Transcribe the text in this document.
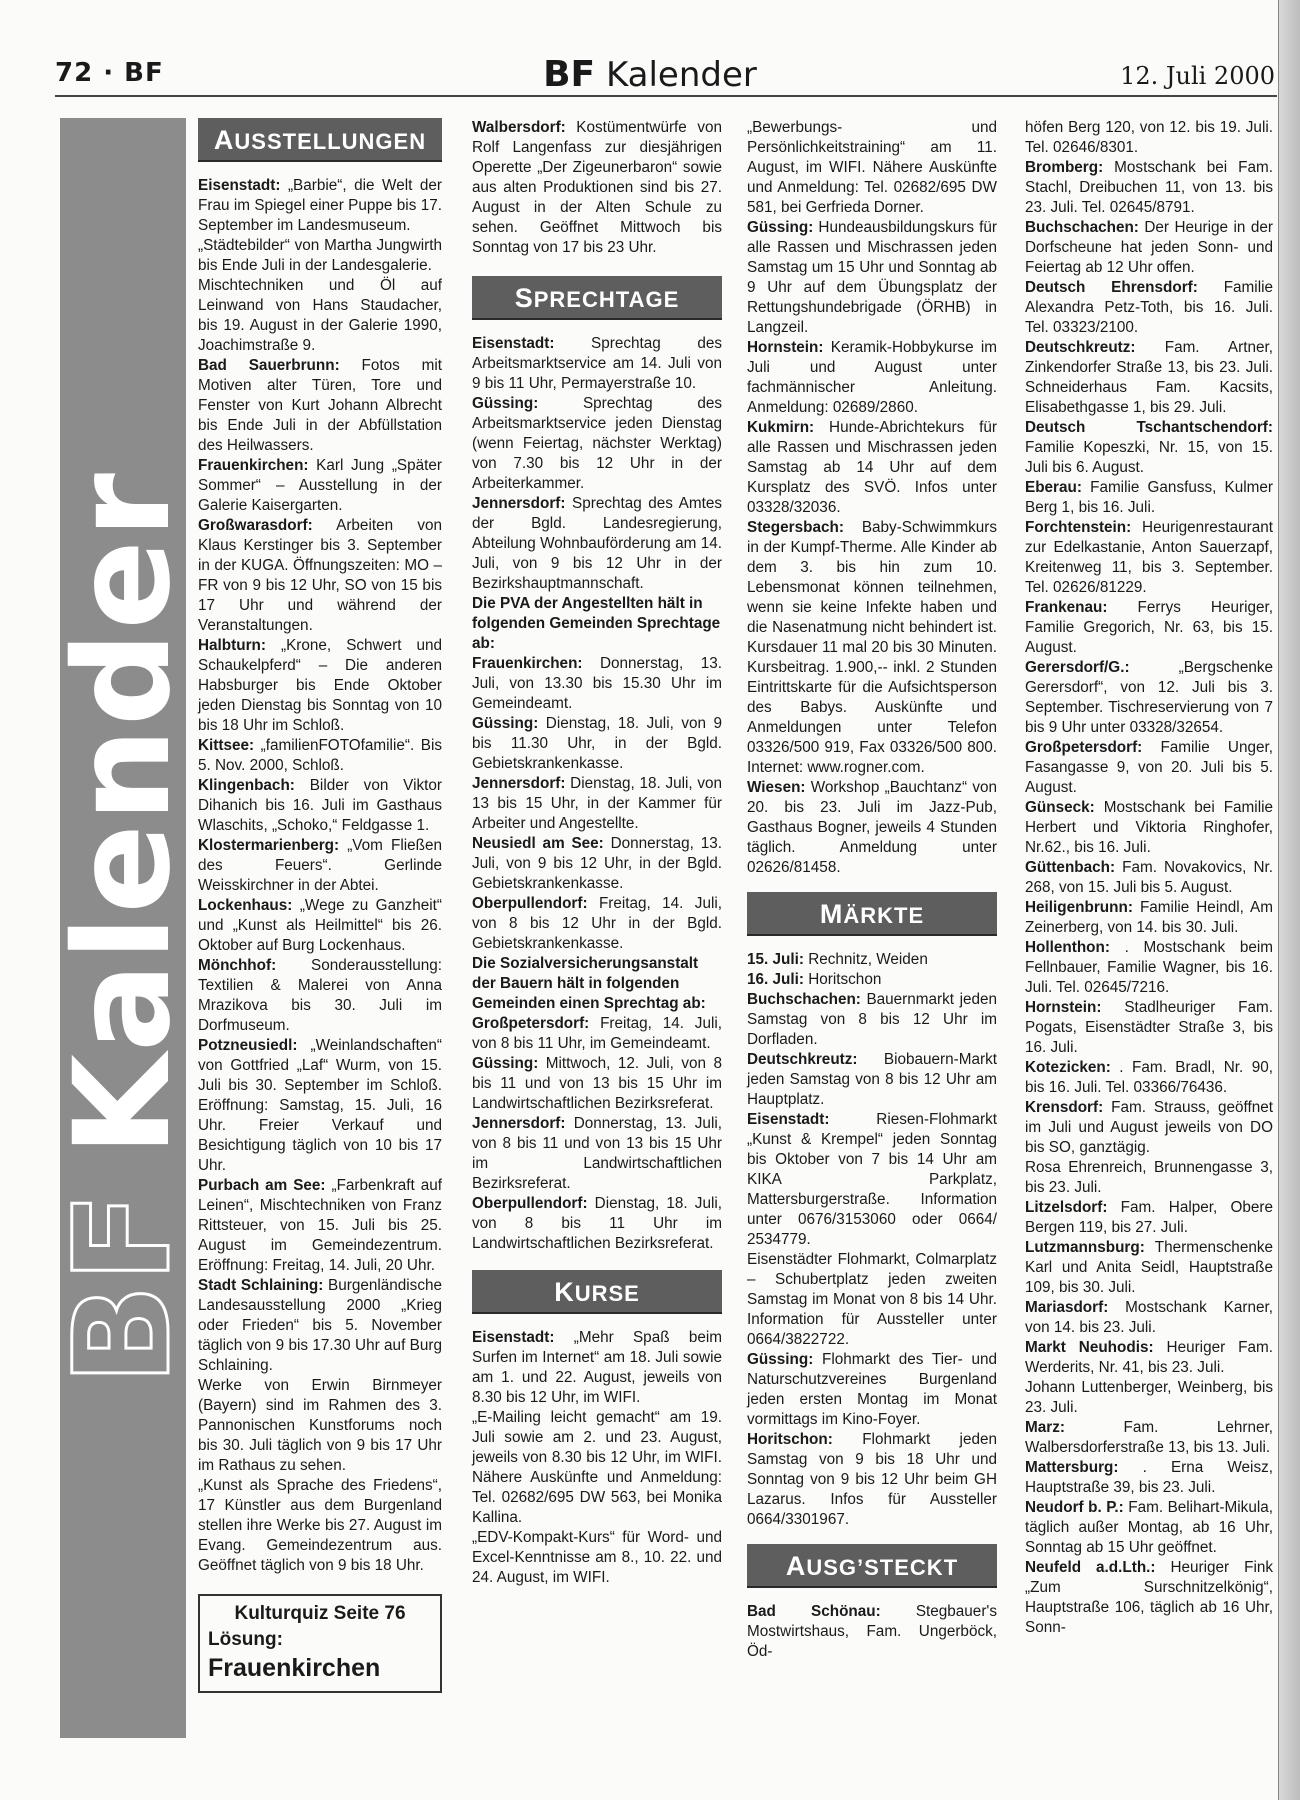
72 · BF	BF Kalender	12. Juli 2000
BFKalender
AUSSTELLUNGEN

Eisenstadt: „Barbie“, die Welt der Frau im Spiegel einer Puppe bis 17. September im Landesmuseum.

„Städtebilder“ von Martha Jungwirth bis Ende Juli in der Landesgalerie.

Mischtechniken und Öl auf Leinwand von Hans Staudacher, bis 19. August in der Galerie 1990, Joachimstraße 9.

Bad Sauerbrunn: Fotos mit Motiven alter Türen, Tore und Fenster von Kurt Johann Albrecht bis Ende Juli in der Abfüllstation des Heilwassers.

Frauenkirchen: Karl Jung „Später Sommer“ – Ausstellung in der Galerie Kaisergarten.

Großwarasdorf: Arbeiten von Klaus Kerstinger bis 3. September in der KUGA. Öffnungszeiten: MO – FR von 9 bis 12 Uhr, SO von 15 bis 17 Uhr und während der Veranstaltungen.

Halbturn: „Krone, Schwert und Schaukelpferd“ – Die anderen Habsburger bis Ende Oktober jeden Dienstag bis Sonntag von 10 bis 18 Uhr im Schloß.

Kittsee: „familienFOTOfamilie“. Bis 5. Nov. 2000, Schloß.

Klingenbach: Bilder von Viktor Dihanich bis 16. Juli im Gasthaus Wlaschits, „Schoko,“ Feldgasse 1.

Klostermarienberg: „Vom Fließen des Feuers“. Gerlinde Weisskirchner in der Abtei.

Lockenhaus: „Wege zu Ganzheit“ und „Kunst als Heilmittel“ bis 26. Oktober auf Burg Lockenhaus.

Mönchhof: Sonderausstellung: Textilien & Malerei von Anna Mrazikova bis 30. Juli im Dorfmuseum.

Potzneusiedl: „Weinlandschaften“ von Gottfried „Laf“ Wurm, von 15. Juli bis 30. September im Schloß. Eröffnung: Samstag, 15. Juli, 16 Uhr. Freier Verkauf und Besichtigung täglich von 10 bis 17 Uhr.

Purbach am See: „Farbenkraft auf Leinen“, Mischtechniken von Franz Rittsteuer, von 15. Juli bis 25. August im Gemeindezentrum. Eröffnung: Freitag, 14. Juli, 20 Uhr.

Stadt Schlaining: Burgenländische Landesausstellung 2000 „Krieg oder Frieden“ bis 5. November täglich von 9 bis 17.30 Uhr auf Burg Schlaining.

Werke von Erwin Birnmeyer (Bayern) sind im Rahmen des 3. Pannonischen Kunstforums noch bis 30. Juli täglich von 9 bis 17 Uhr im Rathaus zu sehen.

„Kunst als Sprache des Friedens“, 17 Künstler aus dem Burgenland stellen ihre Werke bis 27. August im Evang. Gemeindezentrum aus. Geöffnet täglich von 9 bis 18 Uhr.

Kulturquiz Seite 76
Lösung: Frauenkirchen

Walbersdorf: Kostümentwürfe von Rolf Langenfass zur diesjährigen Operette „Der Zigeunerbaron“ sowie aus alten Produktionen sind bis 27. August in der Alten Schule zu sehen. Geöffnet Mittwoch bis Sonntag von 17 bis 23 Uhr.

SPRECHTAGE

Eisenstadt: Sprechtag des Arbeitsmarktservice am 14. Juli von 9 bis 11 Uhr, Permayerstraße 10.

Güssing: Sprechtag des Arbeitsmarktservice jeden Dienstag (wenn Feiertag, nächster Werktag) von 7.30 bis 12 Uhr in der Arbeiterkammer.

Jennersdorf: Sprechtag des Amtes der Bgld. Landesregierung, Abteilung Wohnbauförderung am 14. Juli, von 9 bis 12 Uhr in der Bezirkshauptmannschaft.

Die PVA der Angestellten hält in folgenden Gemeinden Sprechtage ab:

Frauenkirchen: Donnerstag, 13. Juli, von 13.30 bis 15.30 Uhr im Gemeindeamt.

Güssing: Dienstag, 18. Juli, von 9 bis 11.30 Uhr, in der Bgld. Gebietskrankenkasse.

Jennersdorf: Dienstag, 18. Juli, von 13 bis 15 Uhr, in der Kammer für Arbeiter und Angestellte.

Neusiedl am See: Donnerstag, 13. Juli, von 9 bis 12 Uhr, in der Bgld. Gebietskrankenkasse.

Oberpullendorf: Freitag, 14. Juli, von 8 bis 12 Uhr in der Bgld. Gebietskrankenkasse.

Die Sozialversicherungsanstalt der Bauern hält in folgenden Gemeinden einen Sprechtag ab:

Großpetersdorf: Freitag, 14. Juli, von 8 bis 11 Uhr, im Gemeindeamt.

Güssing: Mittwoch, 12. Juli, von 8 bis 11 und von 13 bis 15 Uhr im Landwirtschaftlichen Bezirksreferat.

Jennersdorf: Donnerstag, 13. Juli, von 8 bis 11 und von 13 bis 15 Uhr im Landwirtschaftlichen Bezirksreferat.

Oberpullendorf: Dienstag, 18. Juli, von 8 bis 11 Uhr im Landwirtschaftlichen Bezirksreferat.

KURSE

Eisenstadt: „Mehr Spaß beim Surfen im Internet“ am 18. Juli sowie am 1. und 22. August, jeweils von 8.30 bis 12 Uhr, im WIFI.

„E-Mailing leicht gemacht“ am 19. Juli sowie am 2. und 23. August, jeweils von 8.30 bis 12 Uhr, im WIFI. Nähere Auskünfte und Anmeldung: Tel. 02682/695 DW 563, bei Monika Kallina.

„EDV-Kompakt-Kurs“ für Word- und Excel-Kenntnisse am 8., 10. 22. und 24. August, im WIFI.

„Bewerbungs- und Persönlichkeitstraining“ am 11. August, im WIFI. Nähere Auskünfte und Anmeldung: Tel. 02682/695 DW 581, bei Gerfrieda Dorner.

Güssing: Hundeausbildungskurs für alle Rassen und Mischrassen jeden Samstag um 15 Uhr und Sonntag ab 9 Uhr auf dem Übungsplatz der Rettungshundebrigade (ÖRHB) in Langzeil.

Hornstein: Keramik-Hobbykurse im Juli und August unter fachmännischer Anleitung. Anmeldung: 02689/2860.

Kukmirn: Hunde-Abrichtekurs für alle Rassen und Mischrassen jeden Samstag ab 14 Uhr auf dem Kursplatz des SVÖ. Infos unter 03328/32036.

Stegersbach: Baby-Schwimmkurs in der Kumpf-Therme. Alle Kinder ab dem 3. bis hin zum 10. Lebensmonat können teilnehmen, wenn sie keine Infekte haben und die Nasenatmung nicht behindert ist. Kursdauer 11 mal 20 bis 30 Minuten. Kursbeitrag. 1.900,-- inkl. 2 Stunden Eintrittskarte für die Aufsichtsperson des Babys. Auskünfte und Anmeldungen unter Telefon 03326/500 919, Fax 03326/500 800. Internet: www.rogner.com.

Wiesen: Workshop „Bauchtanz“ von 20. bis 23. Juli im Jazz-Pub, Gasthaus Bogner, jeweils 4 Stunden täglich. Anmeldung unter 02626/81458.

MÄRKTE

15. Juli: Rechnitz, Weiden

16. Juli: Horitschon

Buchschachen: Bauernmarkt jeden Samstag von 8 bis 12 Uhr im Dorfladen.

Deutschkreutz: Biobauern-Markt jeden Samstag von 8 bis 12 Uhr am Hauptplatz.

Eisenstadt: Riesen-Flohmarkt „Kunst & Krempel“ jeden Sonntag bis Oktober von 7 bis 14 Uhr am KIKA Parkplatz, Mattersburgerstraße. Information unter 0676/3153060 oder 0664/ 2534779.

Eisenstädter Flohmarkt, Colmarplatz – Schubertplatz jeden zweiten Samstag im Monat von 8 bis 14 Uhr. Information für Aussteller unter 0664/3822722.

Güssing: Flohmarkt des Tier- und Naturschutzvereines Burgenland jeden ersten Montag im Monat vormittags im Kino-Foyer.

Horitschon: Flohmarkt jeden Samstag von 9 bis 18 Uhr und Sonntag von 9 bis 12 Uhr beim GH Lazarus. Infos für Aussteller 0664/3301967.

AUSG’STECKT

Bad Schönau: Stegbauer's Mostwirtshaus, Fam. Ungerböck, Öd-

höfen Berg 120, von 12. bis 19. Juli. Tel. 02646/8301.

Bromberg: Mostschank bei Fam. Stachl, Dreibuchen 11, von 13. bis 23. Juli. Tel. 02645/8791.

Buchschachen: Der Heurige in der Dorfscheune hat jeden Sonn- und Feiertag ab 12 Uhr offen.

Deutsch Ehrensdorf: Familie Alexandra Petz-Toth, bis 16. Juli. Tel. 03323/2100.

Deutschkreutz: Fam. Artner, Zinkendorfer Straße 13, bis 23. Juli. Schneiderhaus Fam. Kacsits, Elisabethgasse 1, bis 29. Juli.

Deutsch Tschantschendorf: Familie Kopeszki, Nr. 15, von 15. Juli bis 6. August.

Eberau: Familie Gansfuss, Kulmer Berg 1, bis 16. Juli.

Forchtenstein: Heurigenrestaurant zur Edelkastanie, Anton Sauerzapf, Kreitenweg 11, bis 3. September. Tel. 02626/81229.

Frankenau: Ferrys Heuriger, Familie Gregorich, Nr. 63, bis 15. August.

Gerersdorf/G.: „Bergschenke Gerersdorf“, von 12. Juli bis 3. September. Tischreservierung von 7 bis 9 Uhr unter 03328/32654.

Großpetersdorf: Familie Unger, Fasangasse 9, von 20. Juli bis 5. August.

Günseck: Mostschank bei Familie Herbert und Viktoria Ringhofer, Nr.62., bis 16. Juli.

Güttenbach: Fam. Novakovics, Nr. 268, von 15. Juli bis 5. August.

Heiligenbrunn: Familie Heindl, Am Zeinerberg, von 14. bis 30. Juli.

Hollenthon: . Mostschank beim Fellnbauer, Familie Wagner, bis 16. Juli. Tel. 02645/7216.

Hornstein: Stadlheuriger Fam. Pogats, Eisenstädter Straße 3, bis 16. Juli.

Kotezicken: . Fam. Bradl, Nr. 90, bis 16. Juli. Tel. 03366/76436.

Krensdorf: Fam. Strauss, geöffnet im Juli und August jeweils von DO bis SO, ganztägig.

Rosa Ehrenreich, Brunnengasse 3, bis 23. Juli.

Litzelsdorf: Fam. Halper, Obere Bergen 119, bis 27. Juli.

Lutzmannsburg: Thermenschenke Karl und Anita Seidl, Hauptstraße 109, bis 30. Juli.

Mariasdorf: Mostschank Karner, von 14. bis 23. Juli.

Markt Neuhodis: Heuriger Fam. Werderits, Nr. 41, bis 23. Juli.

Johann Luttenberger, Weinberg, bis 23. Juli.

Marz: Fam. Lehrner, Walbersdorferstraße 13, bis 13. Juli.

Mattersburg: . Erna Weisz, Hauptstraße 39, bis 23. Juli.

Neudorf b. P.: Fam. Belihart-Mikula, täglich außer Montag, ab 16 Uhr, Sonntag ab 15 Uhr geöffnet.

Neufeld a.d.Lth.: Heuriger Fink „Zum Surschnitzelkönig“, Hauptstraße 106, täglich ab 16 Uhr, Sonn-
